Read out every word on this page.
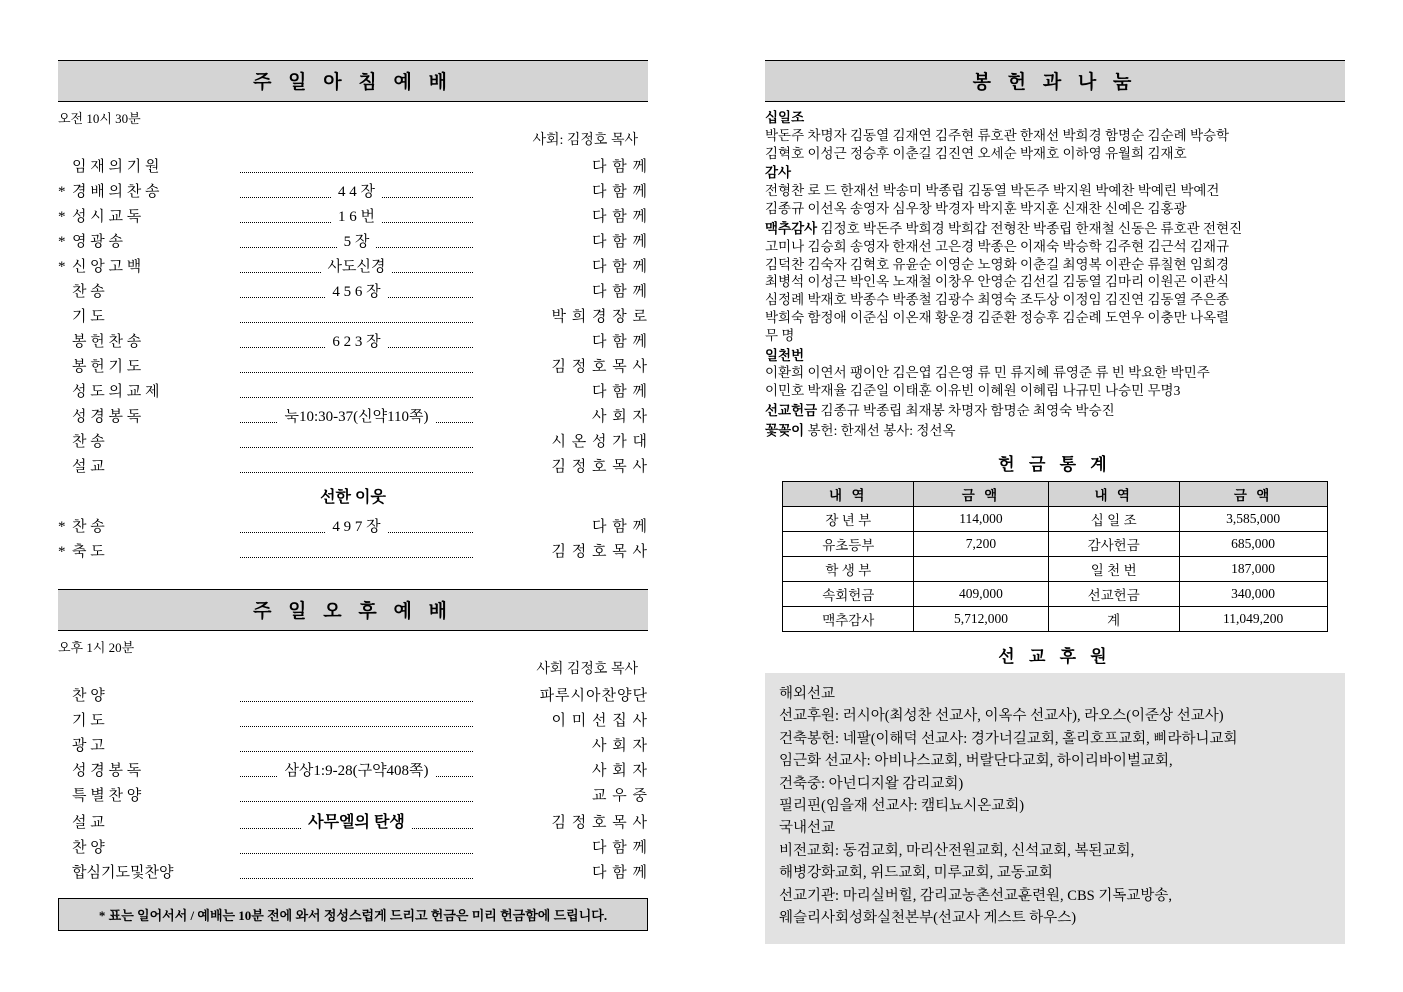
주 일 아 침 예 배
오전 10시 30분
사회: 김정호 목사
	임 재 의 기 원		다 함 께
*	경 배 의 찬 송	4 4 장	다 함 께
*	성 시 교 독	1 6 번	다 함 께
*	영 광 송	5 장	다 함 께
*	신 앙 고 백	사도신경	다 함 께
	찬 송	4 5 6 장	다 함 께
	기 도		박 희 경 장 로
	봉 헌 찬 송	6 2 3 장	다 함 께
	봉 헌 기 도		김 정 호 목 사
	성 도 의 교 제		다 함 께
	성 경 봉 독	눅10:30-37(신약110쪽)	사 회 자
	찬 송		시 온 성 가 대
	설 교		김 정 호 목 사
선한 이웃
*	찬 송	4 9 7 장	다 함 께
*	축 도		김 정 호 목 사
주 일 오 후 예 배
오후 1시 20분
사회 김정호 목사
	찬 양		파루시아찬양단
	기 도		이 미 선 집 사
	광 고		사 회 자
	성 경 봉 독	삼상1:9-28(구약408쪽)	사 회 자
	특 별 찬 양		교 우 중
	설 교	사무엘의 탄생	김 정 호 목 사
	찬 양		다 함 께
	합심기도및찬양		다 함 께
* 표는 일어서서 / 예배는 10분 전에 와서 정성스럽게 드리고 헌금은 미리 헌금함에 드립니다.
봉 헌 과 나 눔

십일조

박돈주 차명자 김동열 김재연 김주현 류호관 한재선 박희경 함명순 김순례 박승학

김혁호 이성근 정승후 이춘길 김진연 오세순 박재호 이하영 유월희 김재호

감사

전형찬 로 드 한재선 박송미 박종립 김동열 박돈주 박지원 박예찬 박예린 박예건

김종규 이선옥 송영자 심우창 박경자 박지훈 박지훈 신재찬 신예은 김홍광

맥추감사 김정호 박돈주 박희경 박희갑 전형찬 박종립 한재철 신동은 류호관 전현진

고미나 김승희 송영자 한재선 고은경 박종은 이재숙 박승학 김주현 김근석 김재규

김덕찬 김숙자 김혁호 유윤순 이영순 노영화 이춘길 최영복 이관순 류칠현 임희경

최병석 이성근 박인옥 노재철 이창우 안영순 김선길 김동열 김마리 이원곤 이관식

심정례 박재호 박종수 박종철 김광수 최영숙 조두상 이정임 김진연 김동열 주은종

박희숙 함정애 이준심 이온재 황운경 김준환 정승후 김순례 도연우 이충만 나옥렬

무 명

일천번

이환희 이연서 팽이안 김은엽 김은영 류 민 류지혜 류영준 류 빈 박요한 박민주

이민호 박재율 김준일 이태훈 이유빈 이혜원 이혜림 나규민 나승민 무명3

선교헌금 김종규 박종립 최재봉 차명자 함명순 최영숙 박승진

꽃꽂이 봉헌: 한재선 봉사: 정선옥

헌 금 통 계
내 역	금 액	내 역	금 액
장 년 부	114,000	십 일 조	3,585,000
유초등부	7,200	감사헌금	685,000
학 생 부		일 천 번	187,000
속회헌금	409,000	선교헌금	340,000
맥추감사	5,712,000	계	11,049,200
선 교 후 원

해외선교

선교후원: 러시아(최성찬 선교사, 이옥수 선교사), 라오스(이준상 선교사)

건축봉헌: 네팔(이해덕 선교사: 경가너길교회, 홀리호프교회, 삐라하니교회

임근화 선교사: 아비나스교회, 버랄단다교회, 하이리바이벌교회,

건축중: 아넌디지왈 감리교회)

필리핀(임을재 선교사: 캠티뇨시온교회)

국내선교

비전교회: 동검교회, 마리산전원교회, 신석교회, 복된교회,

해병강화교회, 위드교회, 미루교회, 교동교회

선교기관: 마리실버힐, 감리교농촌선교훈련원, CBS 기독교방송,

웨슬리사회성화실천본부(선교사 게스트 하우스)
